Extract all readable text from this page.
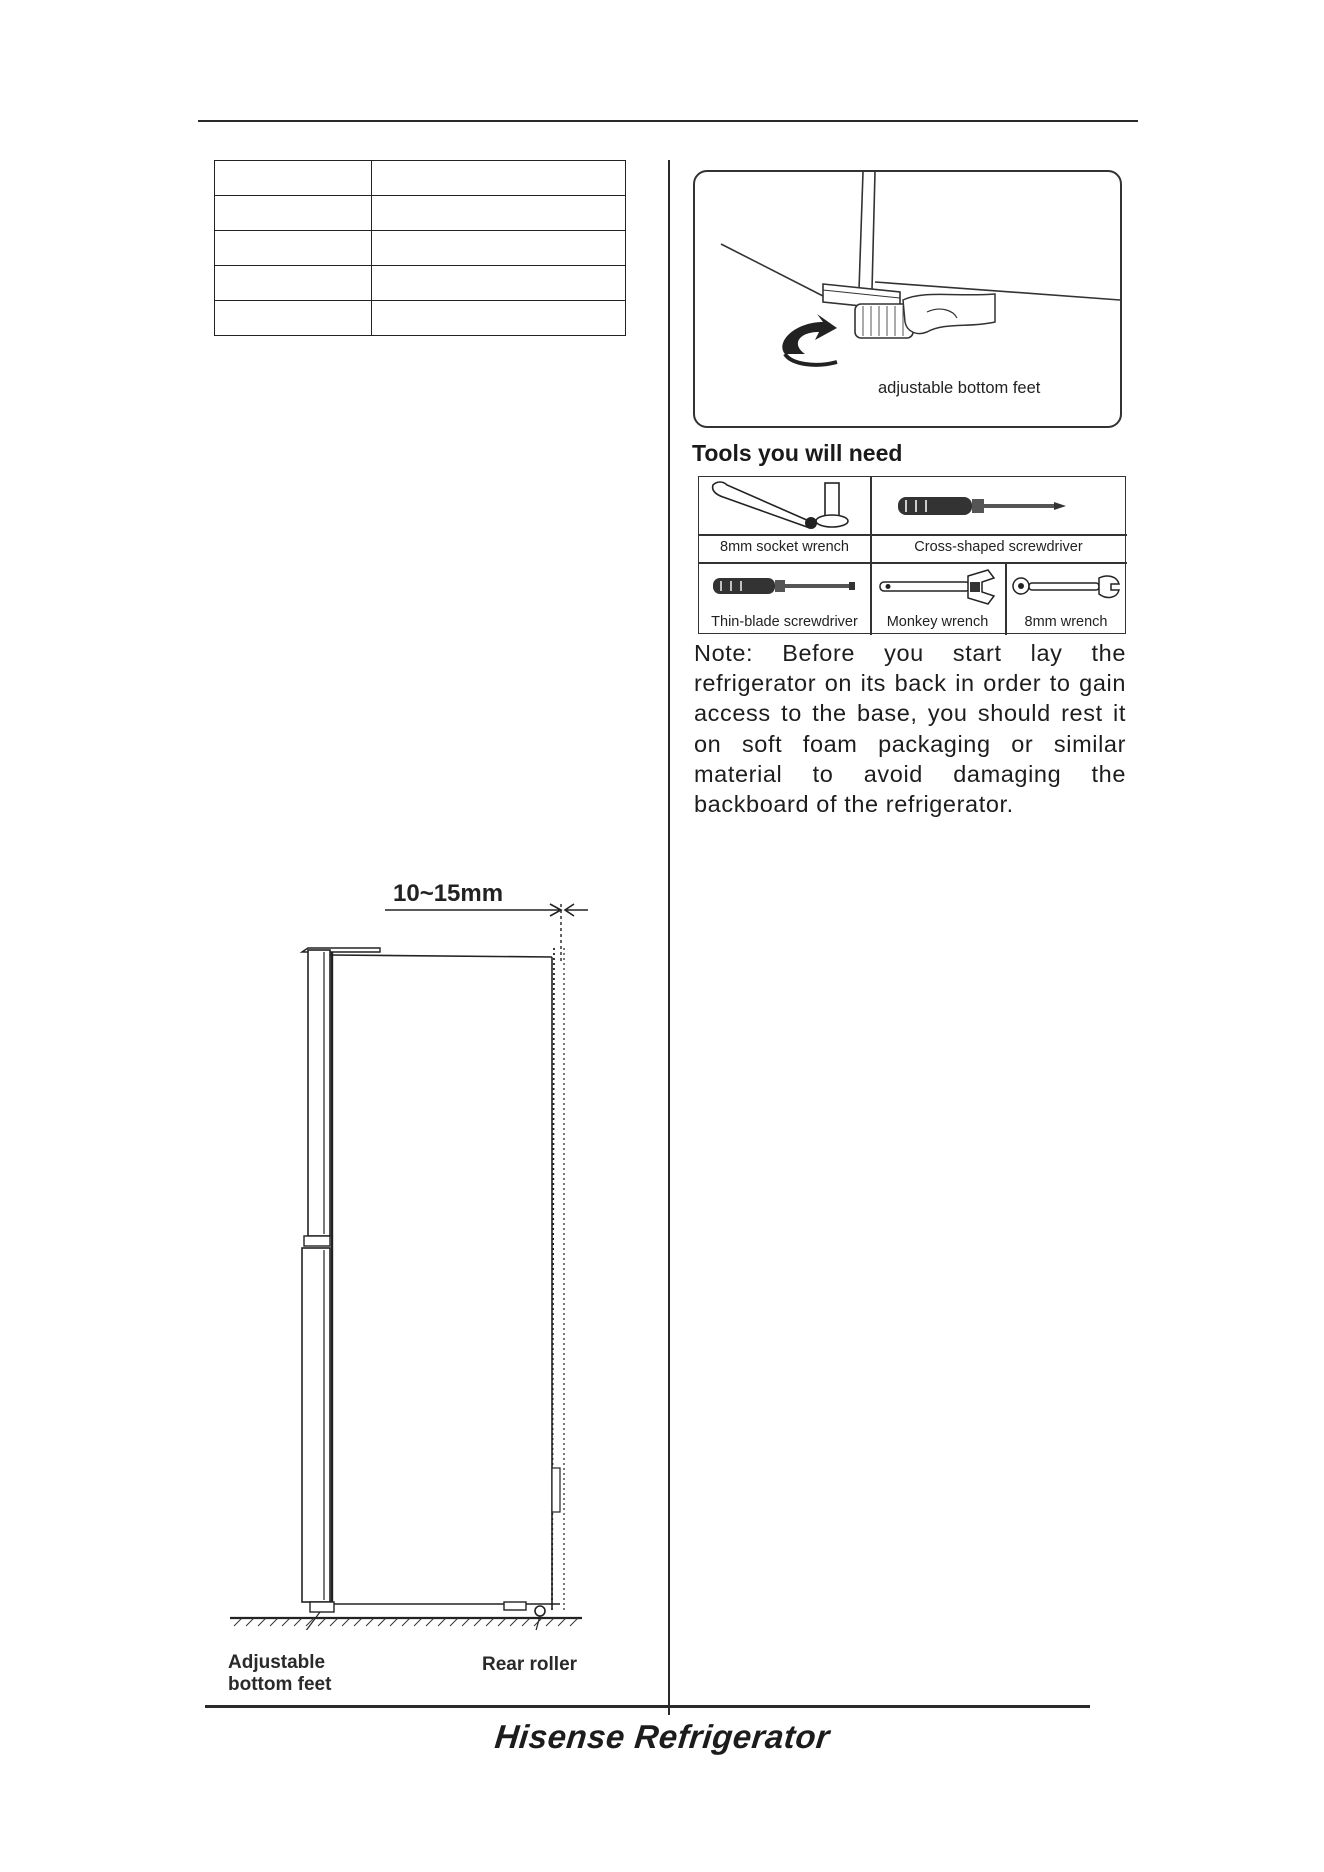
adjustable bottom feet
Tools you will need
8mm socket wrench	Cross-shaped screwdriver
Thin-blade screwdriver	Monkey wrench	8mm wrench
Note: Before you start lay the refrigerator on its back in order to gain access to the base, you should rest it on soft foam packaging or similar material to avoid damaging the backboard of the refrigerator.
10~15mm
Adjustable
bottom feet
Rear roller
Hisense Refrigerator
